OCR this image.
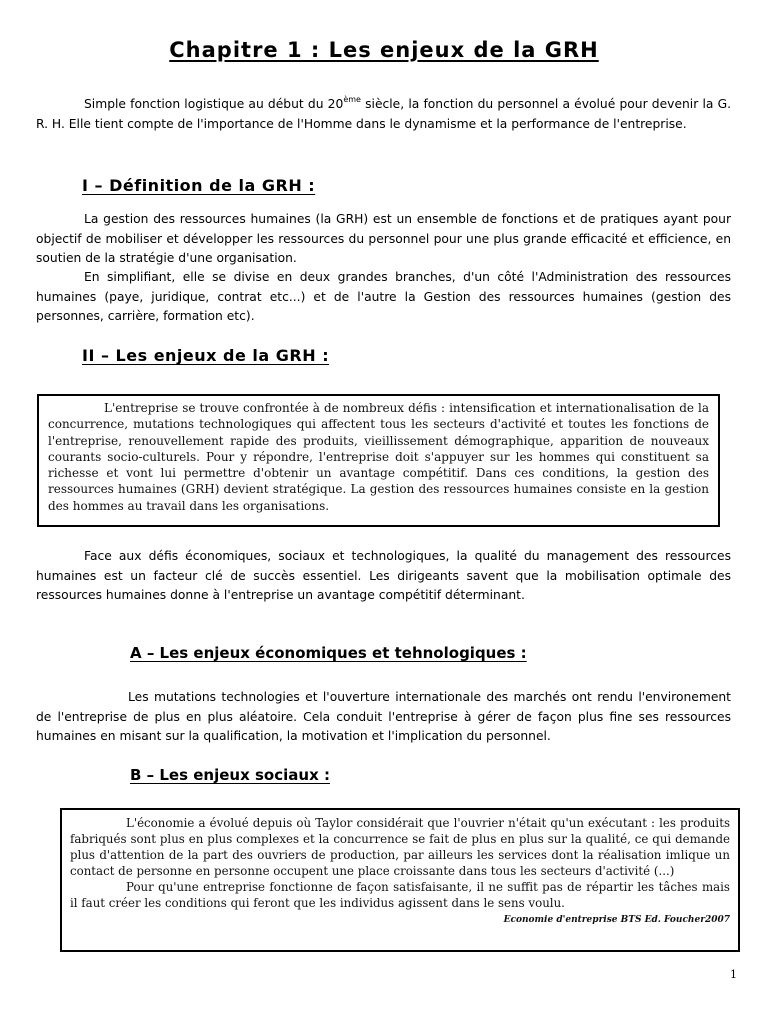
Chapitre 1 : Les enjeux de la GRH

Simple fonction logistique au début du 20ème siècle, la fonction du personnel a évolué pour devenir la G. R. H. Elle tient compte de l'importance de l'Homme dans le dynamisme et la performance de l'entreprise.

I – Définition de la GRH :

La gestion des ressources humaines (la GRH) est un ensemble de fonctions et de pratiques ayant pour objectif de mobiliser et développer les ressources du personnel pour une plus grande efficacité et efficience, en soutien de la stratégie d'une organisation.

En simplifiant, elle se divise en deux grandes branches, d'un côté l'Administration des ressources humaines (paye, juridique, contrat etc...) et de l'autre la Gestion des ressources humaines (gestion des personnes, carrière, formation etc).

II – Les enjeux de la GRH :

L'entreprise se trouve confrontée à de nombreux défis : intensification et internationalisation de la concurrence, mutations technologiques qui affectent tous les secteurs d'activité et toutes les fonctions de l'entreprise, renouvellement rapide des produits, vieillissement démographique, apparition de nouveaux courants socio-culturels. Pour y répondre, l'entreprise doit s'appuyer sur les hommes qui constituent sa richesse et vont lui permettre d'obtenir un avantage compétitif. Dans ces conditions, la gestion des ressources humaines (GRH) devient stratégique. La gestion des ressources humaines consiste en la gestion des hommes au travail dans les organisations.

Face aux défis économiques, sociaux et technologiques, la qualité du management des ressources humaines est un facteur clé de succès essentiel. Les dirigeants savent que la mobilisation optimale des ressources humaines donne à l'entreprise un avantage compétitif déterminant.

A – Les enjeux économiques et tehnologiques :

Les mutations technologies et l'ouverture internationale des marchés ont rendu l'environement de l'entreprise de plus en plus aléatoire. Cela conduit l'entreprise à gérer de façon plus fine ses ressources humaines en misant sur la qualification, la motivation et l'implication du personnel.

B – Les enjeux sociaux :

L'économie a évolué depuis où Taylor considérait que l'ouvrier n'était qu'un exécutant : les produits fabriqués sont plus en plus complexes et la concurrence se fait de plus en plus sur la qualité, ce qui demande plus d'attention de la part des ouvriers de production, par ailleurs les services dont la réalisation imlique un contact de personne en personne occupent une place croissante dans tous les secteurs d'activité (...)

Pour qu'une entreprise fonctionne de façon satisfaisante, il ne suffit pas de répartir les tâches mais il faut créer les conditions qui feront que les individus agissent dans le sens voulu.

Economie d'entreprise BTS Ed. Foucher2007
1
